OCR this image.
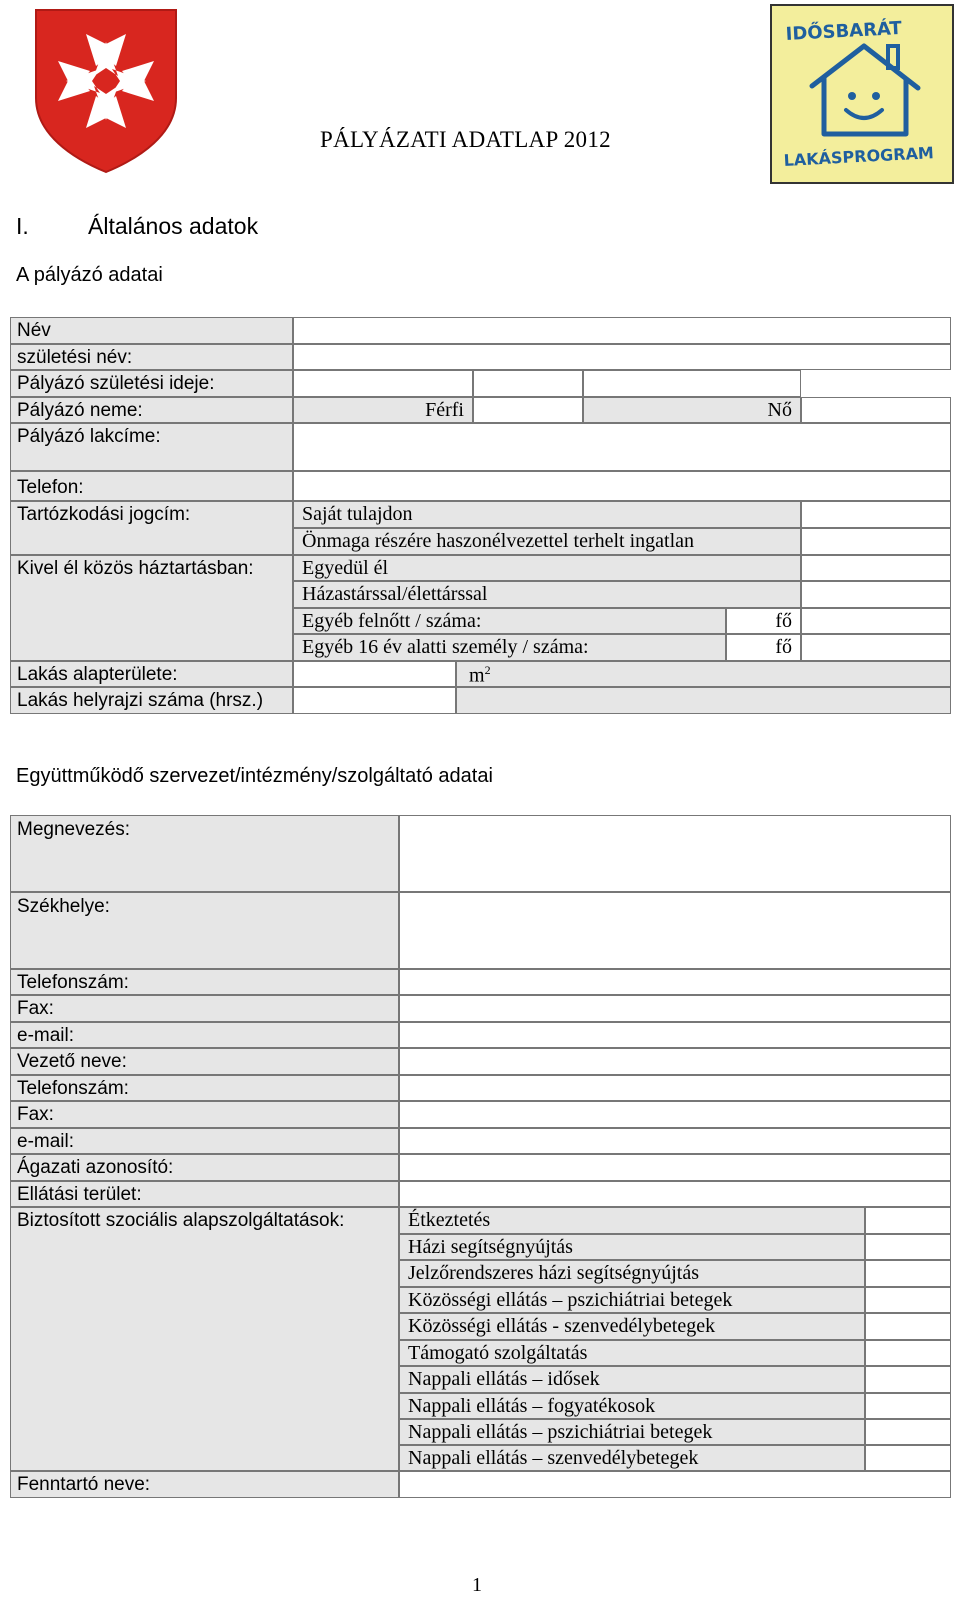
IDŐSBARÁT
LAKÁSPROGRAM
PÁLYÁZATI ADATLAP 2012
I.	Általános adatok
A pályázó adatai
Név
születési név:
Pályázó születési ideje:
Pályázó neme:	Férfi	Nő
Pályázó lakcíme:
Telefon:
Tartózkodási jogcím:	Saját tulajdon
Önmaga részére haszonélvezettel terhelt ingatlan
Kivel él közös háztartásban:	Egyedül él
Házastárssal/élettárssal
Egyéb felnőtt / száma:	fő
Egyéb 16 év alatti személy / száma:	fő
Lakás alapterülete:	$m^2$
Lakás helyrajzi száma (hrsz.)
Együttműködő szervezet/intézmény/szolgáltató adatai
Megnevezés:
Székhelye:
Telefonszám:
Fax:
e-mail:
Vezető neve:
Telefonszám:
Fax:
e-mail:
Ágazati azonosító:
Ellátási terület:
Biztosított szociális alapszolgáltatások:	Étkeztetés
Házi segítségnyújtás
Jelzőrendszeres házi segítségnyújtás
Közösségi ellátás – pszichiátriai betegek
Közösségi ellátás - szenvedélybetegek
Támogató szolgáltatás
Nappali ellátás – idősek
Nappali ellátás – fogyatékosok
Nappali ellátás – pszichiátriai betegek
Nappali ellátás – szenvedélybetegek
Fenntartó neve:
1
